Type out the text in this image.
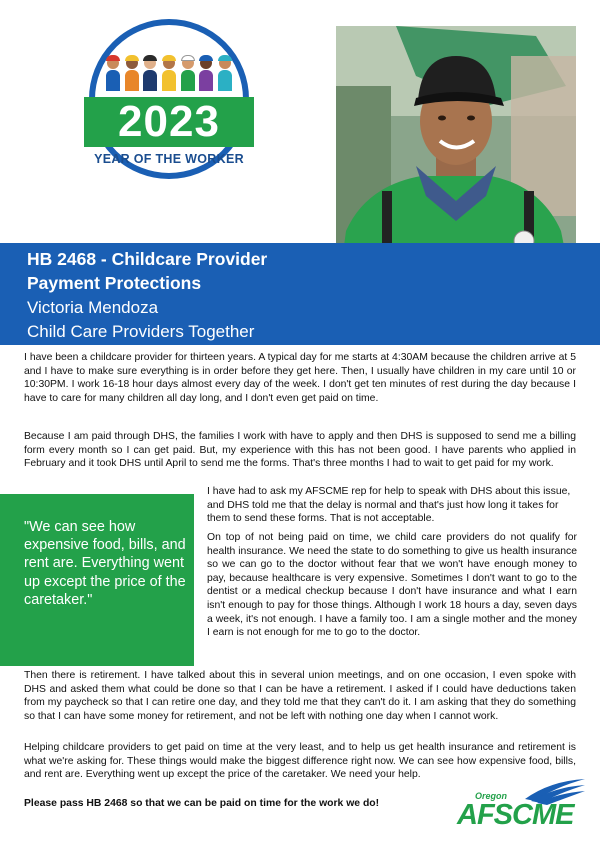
2023
YEAR OF THE WORKER
HB 2468 - Childcare Provider
Payment Protections
Victoria Mendoza
Child Care Providers Together

I have been a childcare provider for thirteen years. A typical day for me starts at 4:30AM because the children arrive at 5 and I have to make sure everything is in order before they get here. Then, I usually have children in my care until 10 or 10:30PM. I work 16-18 hour days almost every day of the week. I don't get ten minutes of rest during the day because I have to care for many children all day long, and I don't even get paid on time.

Because I am paid through DHS, the families I work with have to apply and then DHS is supposed to send me a billing form every month so I can get paid. But, my experience with this has not been good. I have parents who applied in February and it took DHS until April to send me the forms. That's three months I had to wait to get paid for my work.

"We can see how expensive food, bills, and rent are. Everything went up except the price of the caretaker."

I have had to ask my AFSCME rep for help to speak with DHS about this issue, and DHS told me that the delay is normal and that's just how long it takes for them to send these forms. That is not acceptable.

On top of not being paid on time, we child care providers do not qualify for health insurance. We need the state to do something to give us health insurance so we can go to the doctor without fear that we won't have enough money to pay, because healthcare is very expensive. Sometimes I don't want to go to the dentist or a medical checkup because I don't have insurance and what I earn isn't enough to pay for those things. Although I work 18 hours a day, seven days a week, it's not enough. I have a family too. I am a single mother and the money I earn is not enough for me to go to the doctor.

Then there is retirement. I have talked about this in several union meetings, and on one occasion, I even spoke with DHS and asked them what could be done so that I can be have a retirement. I asked if I could have deductions taken from my paycheck so that I can retire one day, and they told me that they can't do it. I am asking that they do something so that I can have some money for retirement, and not be left with nothing one day when I cannot work.

Helping childcare providers to get paid on time at the very least, and to help us get health insurance and retirement is what we're asking for. These things would make the biggest difference right now. We can see how expensive food, bills, and rent are. Everything went up except the price of the caretaker. We need your help.

Please pass HB 2468 so that we can be paid on time for the work we do!

Oregon
AFSCME
